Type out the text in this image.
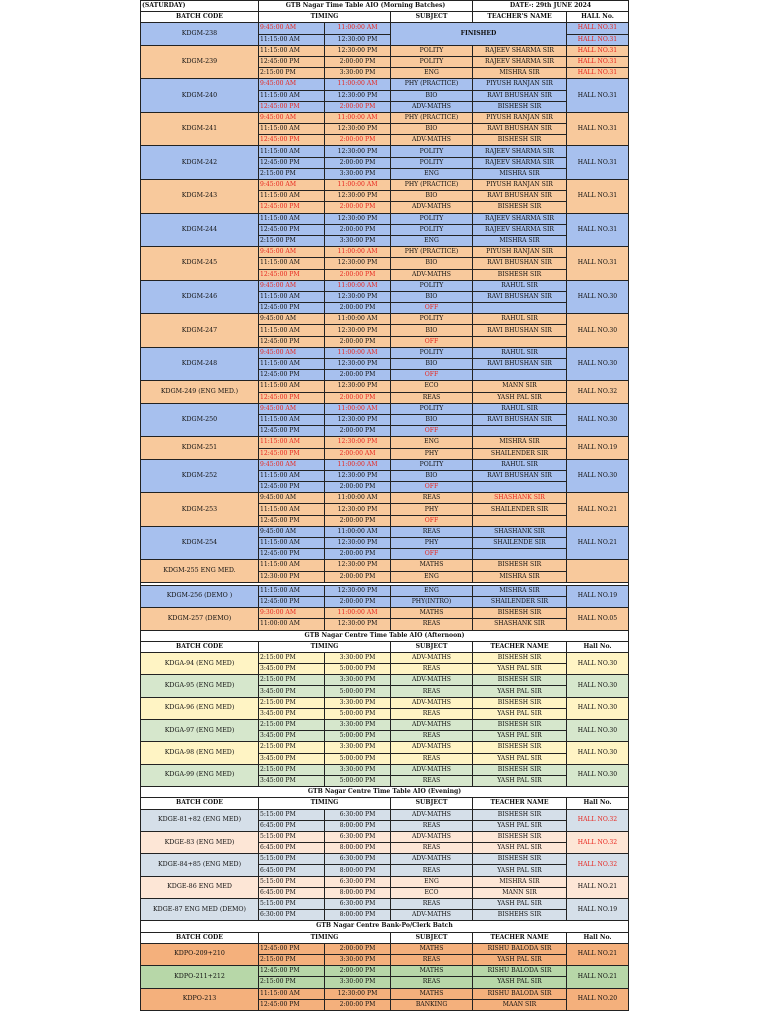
(SATURDAY)	GTB Nagar Time Table AIO (Morning Batches)			DATE-: 29th JUNE 2024	
BATCH CODE	TIMING		SUBJECT	TEACHER'S NAME	HALL No.
KDGM-238	9:45:00 AM	11:00:00 AM	FINISHED		HALL NO.31
	11:15:00 AM	12:30:00 PM			HALL NO.31
KDGM-239	11:15:00 AM	12:30:00 PM	POLITY	RAJEEV SHARMA SIR	HALL NO.31
	12:45:00 PM	2:00:00 PM	POLITY	RAJEEV SHARMA SIR	HALL NO.31
	2:15:00 PM	3:30:00 PM	ENG	MISHRA SIR	HALL NO.31
KDGM-240	9:45:00 AM	11:00:00 AM	PHY (PRACTICE)	PIYUSH RANJAN SIR	HALL NO.31
	11:15:00 AM	12:30:00 PM	BIO	RAVI BHUSHAN SIR	
	12:45:00 PM	2:00:00 PM	ADV-MATHS	BISHESH SIR	
KDGM-241	9:45:00 AM	11:00:00 AM	PHY (PRACTICE)	PIYUSH RANJAN SIR	HALL NO.31
	11:15:00 AM	12:30:00 PM	BIO	RAVI BHUSHAN SIR	
	12:45:00 PM	2:00:00 PM	ADV-MATHS	BISHESH SIR	
KDGM-242	11:15:00 AM	12:30:00 PM	POLITY	RAJEEV SHARMA SIR	HALL NO.31
	12:45:00 PM	2:00:00 PM	POLITY	RAJEEV SHARMA SIR	
	2:15:00 PM	3:30:00 PM	ENG	MISHRA SIR	
KDGM-243	9:45:00 AM	11:00:00 AM	PHY (PRACTICE)	PIYUSH RANJAN SIR	HALL NO.31
	11:15:00 AM	12:30:00 PM	BIO	RAVI BHUSHAN SIR	
	12:45:00 PM	2:00:00 PM	ADV-MATHS	BISHESH SIR	
KDGM-244	11:15:00 AM	12:30:00 PM	POLITY	RAJEEV SHARMA SIR	HALL NO.31
	12:45:00 PM	2:00:00 PM	POLITY	RAJEEV SHARMA SIR	
	2:15:00 PM	3:30:00 PM	ENG	MISHRA SIR	
KDGM-245	9:45:00 AM	11:00:00 AM	PHY (PRACTICE)	PIYUSH RANJAN SIR	HALL NO.31
	11:15:00 AM	12:30:00 PM	BIO	RAVI BHUSHAN SIR	
	12:45:00 PM	2:00:00 PM	ADV-MATHS	BISHESH SIR	
KDGM-246	9:45:00 AM	11:00:00 AM	POLITY	RAHUL SIR	HALL NO.30
	11:15:00 AM	12:30:00 PM	BIO	RAVI BHUSHAN SIR	
	12:45:00 PM	2:00:00 PM	OFF		
KDGM-247	9:45:00 AM	11:00:00 AM	POLITY	RAHUL SIR	HALL NO.30
	11:15:00 AM	12:30:00 PM	BIO	RAVI BHUSHAN SIR	
	12:45:00 PM	2:00:00 PM	OFF		
KDGM-248	9:45:00 AM	11:00:00 AM	POLITY	RAHUL SIR	HALL NO.30
	11:15:00 AM	12:30:00 PM	BIO	RAVI BHUSHAN SIR	
	12:45:00 PM	2:00:00 PM	OFF		
KDGM-249 (ENG MED.)	11:15:00 AM	12:30:00 PM	ECO	MANN SIR	HALL NO.32
	12:45:00 PM	2:00:00 PM	REAS	YASH PAL SIR	
KDGM-250	9:45:00 AM	11:00:00 AM	POLITY	RAHUL SIR	HALL NO.30
	11:15:00 AM	12:30:00 PM	BIO	RAVI BHUSHAN SIR	
	12:45:00 PM	2:00:00 PM	OFF		
KDGM-251	11:15:00 AM	12:30:00 PM	ENG	MISHRA SIR	HALL NO.19
	12:45:00 PM	2:00:00 AM	PHY	SHAILENDER SIR	
KDGM-252	9:45:00 AM	11:00:00 AM	POLITY	RAHUL SIR	HALL NO.30
	11:15:00 AM	12:30:00 PM	BIO	RAVI BHUSHAN SIR	
	12:45:00 PM	2:00:00 PM	OFF		
KDGM-253	9:45:00 AM	11:00:00 AM	REAS	SHASHANK SIR	HALL NO.21
	11:15:00 AM	12:30:00 PM	PHY	SHAILENDER SIR	
	12:45:00 PM	2:00:00 PM	OFF		
KDGM-254	9:45:00 AM	11:00:00 AM	REAS	SHASHANK SIR	HALL NO.21
	11:15:00 AM	12:30:00 PM	PHY	SHAILENDE SIR	
	12:45:00 PM	2:00:00 PM	OFF		
KDGM-255 ENG MED.	11:15:00 AM	12:30:00 PM	MATHS	BISHESH SIR	
	12:30:00 PM	2:00:00 PM	ENG	MISHRA SIR	

KDGM-256 (DEMO )	11:15:00 AM	12:30:00 PM	ENG	MISHRA SIR	HALL NO.19
	12:45:00 PM	2:00:00 PM	PHY(INTRO)	SHAILENDER SIR	
KDGM-257 (DEMO)	9:30:00 AM	11:00:00 AM	MATHS	BISHESH SIR	HALL NO.05
	11:00:00 AM	12:30:00 PM	REAS	SHASHANK SIR	
GTB Nagar Centre Time Table AIO (Afternoon)					
BATCH CODE	TIMING		SUBJECT	TEACHER NAME	Hall No.
KDGA-94 (ENG MED)	2:15:00 PM	3:30:00 PM	ADV-MATHS	BISHESH SIR	HALL NO.30
	3:45:00 PM	5:00:00 PM	REAS	YASH PAL SIR	
KDGA-95 (ENG MED)	2:15:00 PM	3:30:00 PM	ADV-MATHS	BISHESH SIR	HALL NO.30
	3:45:00 PM	5:00:00 PM	REAS	YASH PAL SIR	
KDGA-96 (ENG MED)	2:15:00 PM	3:30:00 PM	ADV-MATHS	BISHESH SIR	HALL NO.30
	3:45:00 PM	5:00:00 PM	REAS	YASH PAL SIR	
KDGA-97 (ENG MED)	2:15:00 PM	3:30:00 PM	ADV-MATHS	BISHESH SIR	HALL NO.30
	3:45:00 PM	5:00:00 PM	REAS	YASH PAL SIR	
KDGA-98 (ENG MED)	2:15:00 PM	3:30:00 PM	ADV-MATHS	BISHESH SIR	HALL NO.30
	3:45:00 PM	5:00:00 PM	REAS	YASH PAL SIR	
KDGA-99 (ENG MED)	2:15:00 PM	3:30:00 PM	ADV-MATHS	BISHESH SIR	HALL NO.30
	3:45:00 PM	5:00:00 PM	REAS	YASH PAL SIR	
GTB Nagar Centre Time Table AIO (Evening)					
BATCH CODE	TIMING		SUBJECT	TEACHER NAME	Hall No.
KDGE-81+82 (ENG MED)	5:15:00 PM	6:30:00 PM	ADV-MATHS	BISHESH SIR	HALL NO.32
	6:45:00 PM	8:00:00 PM	REAS	YASH PAL SIR	
KDGE-83 (ENG MED)	5:15:00 PM	6:30:00 PM	ADV-MATHS	BISHESH SIR	HALL NO.32
	6:45:00 PM	8:00:00 PM	REAS	YASH PAL SIR	
KDGE-84+85 (ENG MED)	5:15:00 PM	6:30:00 PM	ADV-MATHS	BISHESH SIR	HALL NO.32
	6:45:00 PM	8:00:00 PM	REAS	YASH PAL SIR	
KDGE-86 ENG MED	5:15:00 PM	6:30:00 PM	ENG	MISHRA SIR	HALL NO.21
	6:45:00 PM	8:00:00 PM	ECO	MANN SIR	
KDGE-87 ENG MED (DEMO)	5:15:00 PM	6:30:00 PM	REAS	YASH PAL SIR	HALL NO.19
	6:30:00 PM	8:00:00 PM	ADV-MATHS	BISHEHS SIR	
GTB Nagar Centre Bank-Po/Clerk Batch					
BATCH CODE	TIMING		SUBJECT	TEACHER NAME	Hall No.
KDPO-209+210	12:45:00 PM	2:00:00 PM	MATHS	RISHU BALODA SIR	HALL NO.21
	2:15:00 PM	3:30:00 PM	REAS	YASH PAL SIR	
KDPO-211+212	12:45:00 PM	2:00:00 PM	MATHS	RISHU BALODA SIR	HALL NO.21
	2:15:00 PM	3:30:00 PM	REAS	YASH PAL SIR	
KDPO-213	11:15:00 AM	12:30:00 PM	MATHS	RISHU BALODA SIR	HALL NO.20
	12:45:00 PM	2:00:00 PM	BANKING	MAAN SIR	
